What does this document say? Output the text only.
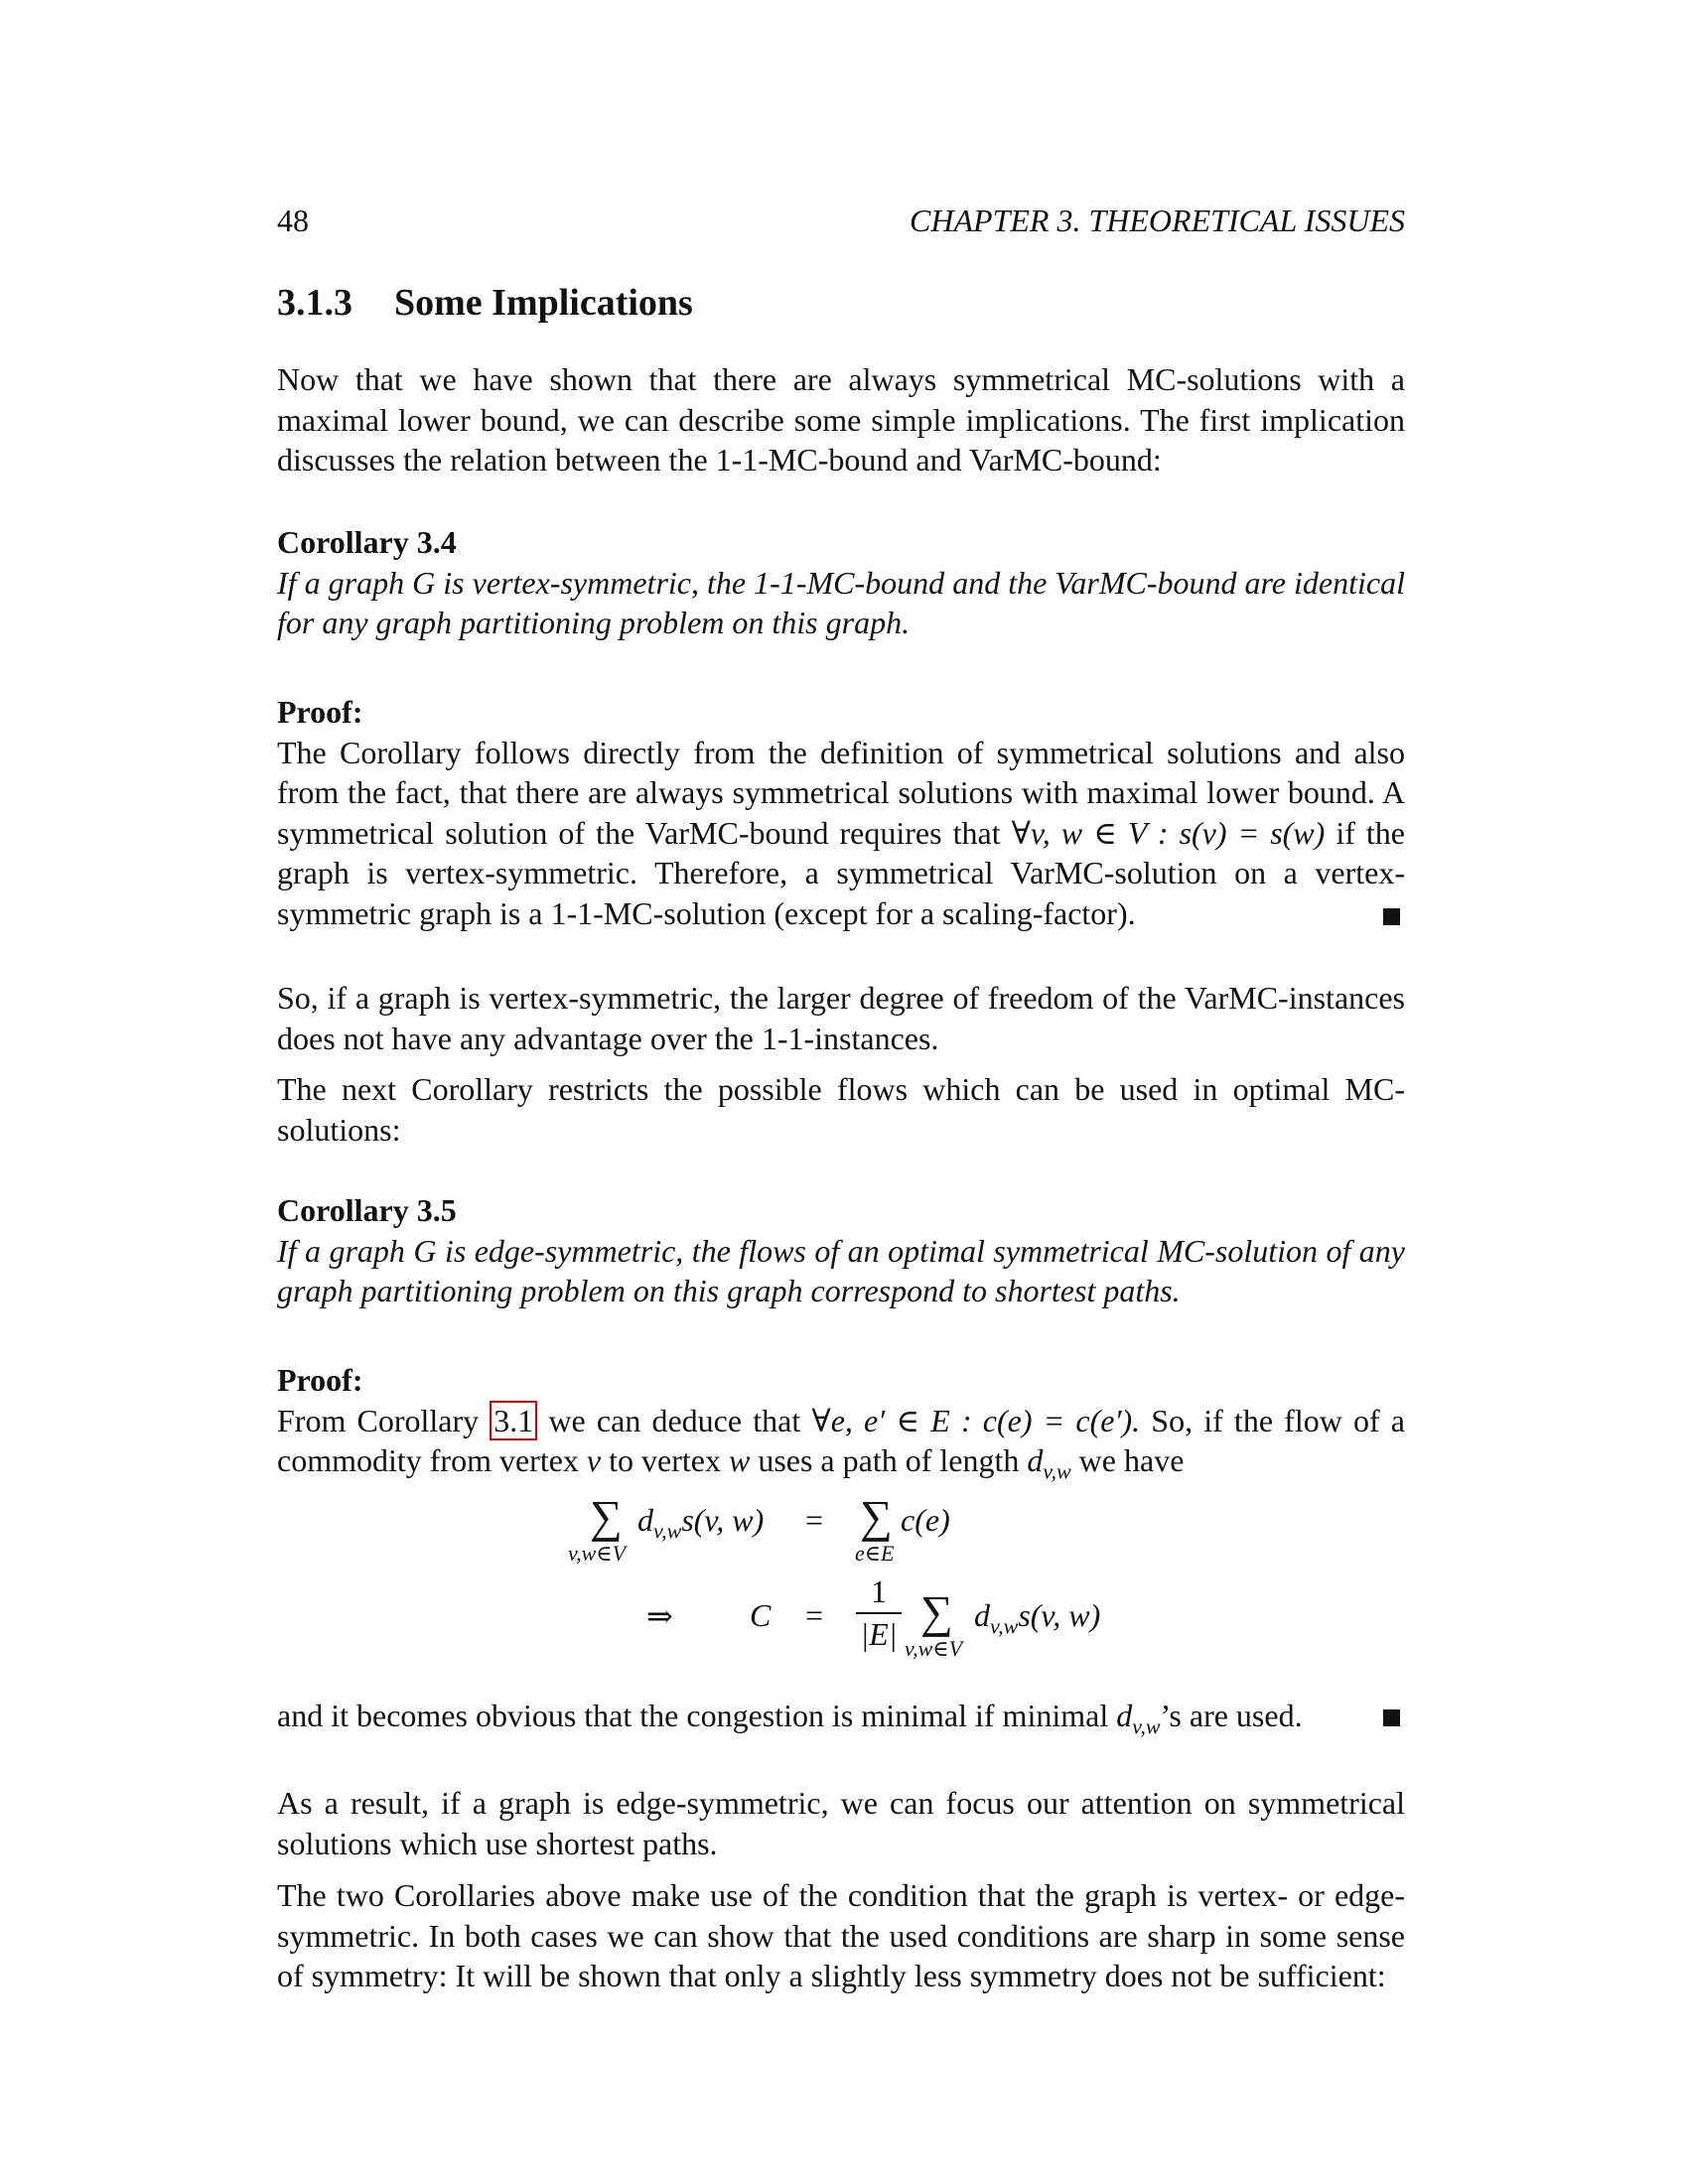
48	CHAPTER 3. THEORETICAL ISSUES
3.1.3 Some Implications

Now that we have shown that there are always symmetrical MC-solutions with a maximal lower bound, we can describe some simple implications. The first implication discusses the relation between the 1-1-MC-bound and VarMC-bound:

Corollary 3.4
If a graph G is vertex-symmetric, the 1-1-MC-bound and the VarMC-bound are identical for any graph partitioning problem on this graph.
Proof:
The Corollary follows directly from the definition of symmetrical solutions and also from the fact, that there are always symmetrical solutions with maximal lower bound. A symmetrical solution of the VarMC-bound requires that ∀v, w ∈ V : s(v) = s(w) if the graph is vertex-symmetric. Therefore, a symmetrical VarMC-solution on a vertex-symmetric graph is a 1-1-MC-solution (except for a scaling-factor).

So, if a graph is vertex-symmetric, the larger degree of freedom of the VarMC-instances does not have any advantage over the 1-1-instances.

The next Corollary restricts the possible flows which can be used in optimal MC-solutions:

Corollary 3.5
If a graph G is edge-symmetric, the flows of an optimal symmetrical MC-solution of any graph partitioning problem on this graph correspond to shortest paths.
Proof:
From Corollary 3.1 we can deduce that ∀e, e′ ∈ E : c(e) = c(e′). So, if the flow of a commodity from vertex v to vertex w uses a path of length $d_{v,w}$ we have
∑
v,w∈V
$d_{v,w}s(v$, w) = ∑
e∈E
c(e)
⇒ C =
1
|E| ∑
v,w∈V
$d_{v,w}s(v$, w)
and it becomes obvious that the congestion is minimal if minimal $d_{v,w}’s$ are used.

As a result, if a graph is edge-symmetric, we can focus our attention on symmetrical solutions which use shortest paths.

The two Corollaries above make use of the condition that the graph is vertex- or edge-symmetric. In both cases we can show that the used conditions are sharp in some sense of symmetry: It will be shown that only a slightly less symmetry does not be sufficient:
